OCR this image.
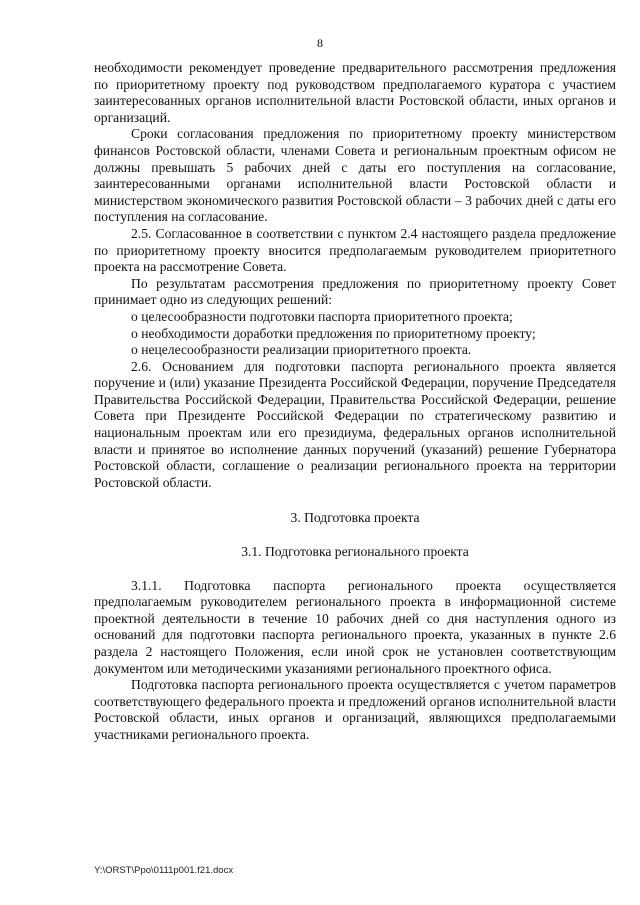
8

необходимости рекомендует проведение предварительного рассмотрения предложения по приоритетному проекту под руководством предполагаемого куратора с участием заинтересованных органов исполнительной власти Ростовской области, иных органов и организаций.

Сроки согласования предложения по приоритетному проекту министерством финансов Ростовской области, членами Совета и региональным проектным офисом не должны превышать 5 рабочих дней с даты его поступления на согласование, заинтересованными органами исполнительной власти Ростовской области и министерством экономического развития Ростовской области – 3 рабочих дней с даты его поступления на согласование.

2.5. Согласованное в соответствии с пунктом 2.4 настоящего раздела предложение по приоритетному проекту вносится предполагаемым руководителем приоритетного проекта на рассмотрение Совета.

По результатам рассмотрения предложения по приоритетному проекту Совет принимает одно из следующих решений:

о целесообразности подготовки паспорта приоритетного проекта;

о необходимости доработки предложения по приоритетному проекту;

о нецелесообразности реализации приоритетного проекта.

2.6. Основанием для подготовки паспорта регионального проекта является поручение и (или) указание Президента Российской Федерации, поручение Председателя Правительства Российской Федерации, Правительства Российской Федерации, решение Совета при Президенте Российской Федерации по стратегическому развитию и национальным проектам или его президиума, федеральных органов исполнительной власти и принятое во исполнение данных поручений (указаний) решение Губернатора Ростовской области, соглашение о реализации регионального проекта на территории Ростовской области.

3. Подготовка проекта

3.1. Подготовка регионального проекта

3.1.1. Подготовка паспорта регионального проекта осуществляется предполагаемым руководителем регионального проекта в информационной системе проектной деятельности в течение 10 рабочих дней со дня наступления одного из оснований для подготовки паспорта регионального проекта, указанных в пункте 2.6 раздела 2 настоящего Положения, если иной срок не установлен соответствующим документом или методическими указаниями регионального проектного офиса.

Подготовка паспорта регионального проекта осуществляется с учетом параметров соответствующего федерального проекта и предложений органов исполнительной власти Ростовской области, иных органов и организаций, являющихся предполагаемыми участниками регионального проекта.

Y:\ORST\Ppo\0111p001.f21.docx
